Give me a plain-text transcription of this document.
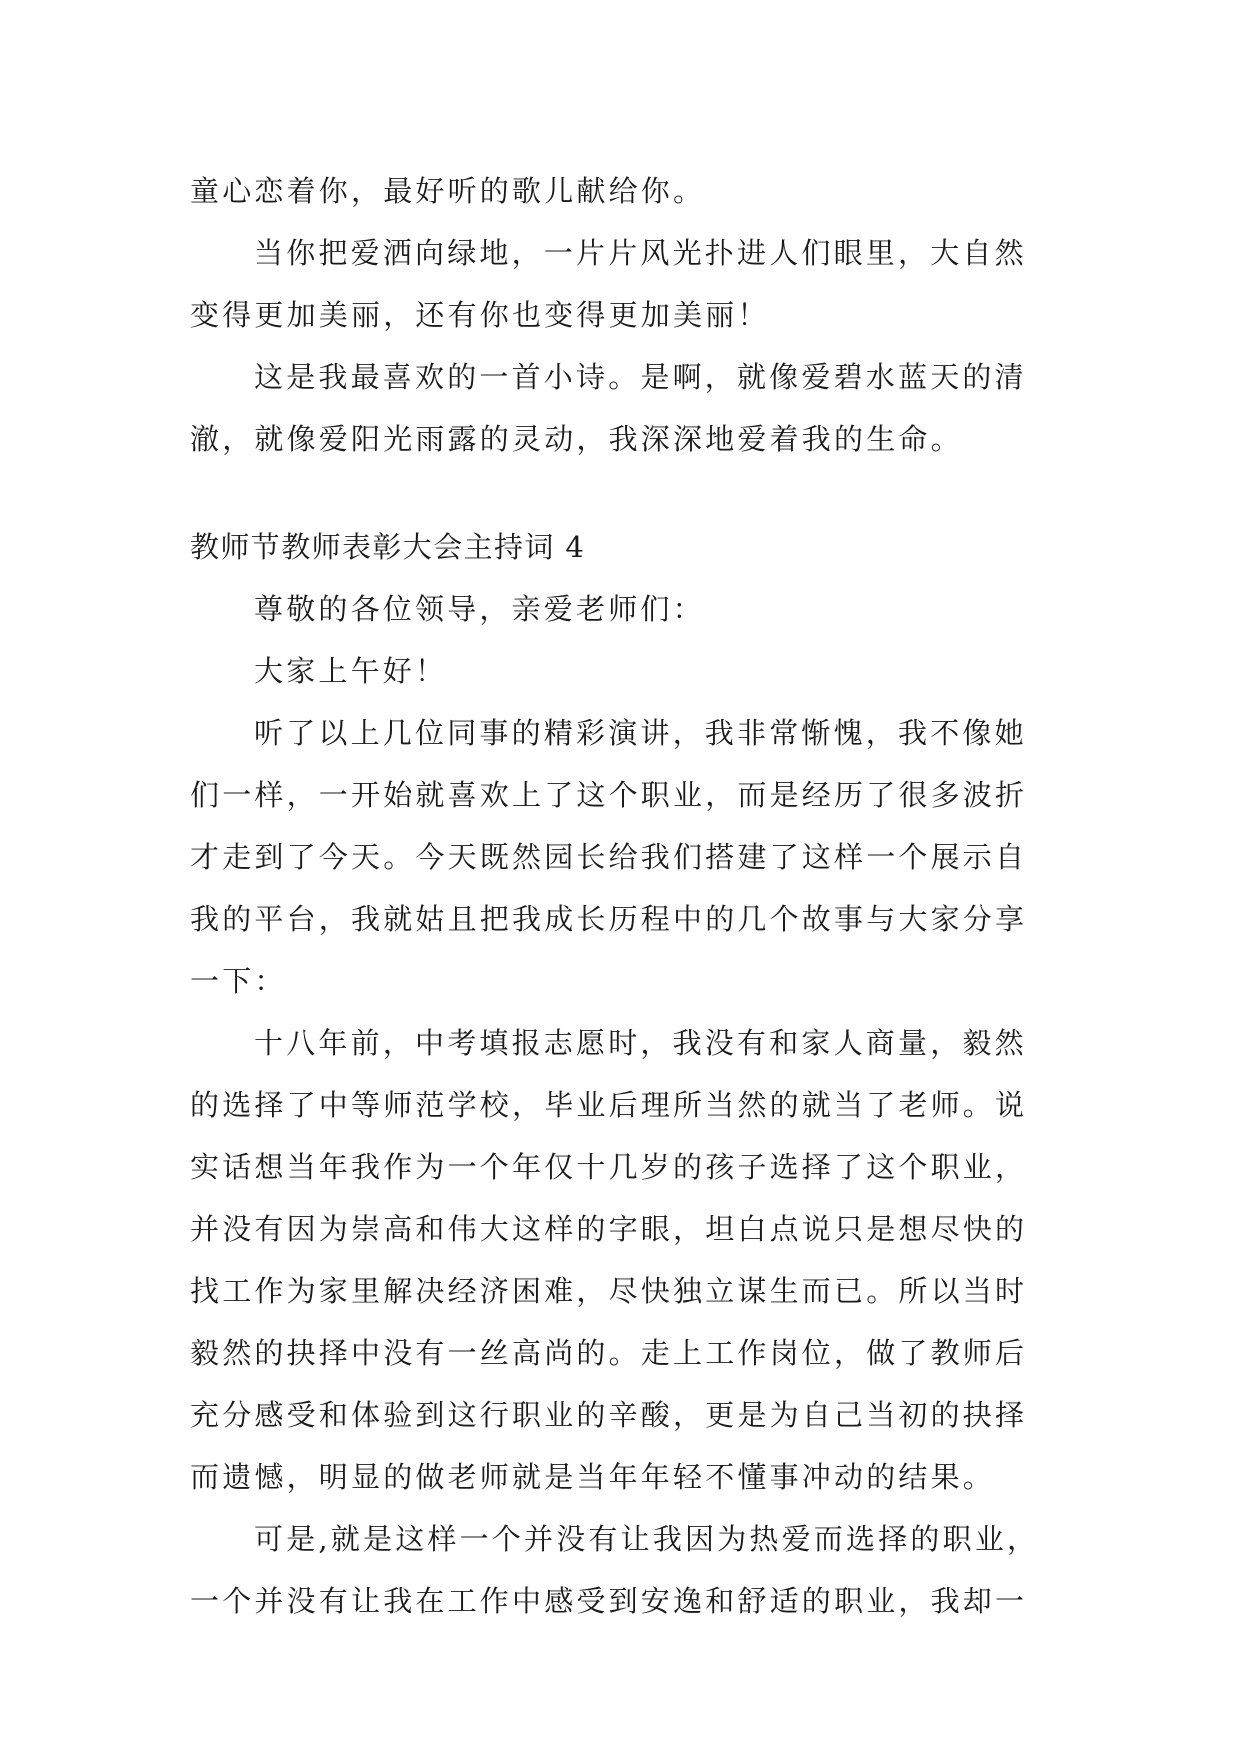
童心恋着你，最好听的歌儿献给你。
当你把爱洒向绿地，一片片风光扑进人们眼里，大自然
变得更加美丽，还有你也变得更加美丽！
这是我最喜欢的一首小诗。是啊，就像爱碧水蓝天的清
澈，就像爱阳光雨露的灵动，我深深地爱着我的生命。
教师节教师表彰大会主持词 4
尊敬的各位领导，亲爱老师们：
大家上午好！
听了以上几位同事的精彩演讲，我非常惭愧，我不像她
们一样，一开始就喜欢上了这个职业，而是经历了很多波折
才走到了今天。今天既然园长给我们搭建了这样一个展示自
我的平台，我就姑且把我成长历程中的几个故事与大家分享
一下：
十八年前，中考填报志愿时，我没有和家人商量，毅然
的选择了中等师范学校，毕业后理所当然的就当了老师。说
实话想当年我作为一个年仅十几岁的孩子选择了这个职业，
并没有因为崇高和伟大这样的字眼，坦白点说只是想尽快的
找工作为家里解决经济困难，尽快独立谋生而已。所以当时
毅然的抉择中没有一丝高尚的。走上工作岗位，做了教师后
充分感受和体验到这行职业的辛酸，更是为自己当初的抉择
而遗憾，明显的做老师就是当年年轻不懂事冲动的结果。
可是,就是这样一个并没有让我因为热爱而选择的职业，
一个并没有让我在工作中感受到安逸和舒适的职业，我却一
